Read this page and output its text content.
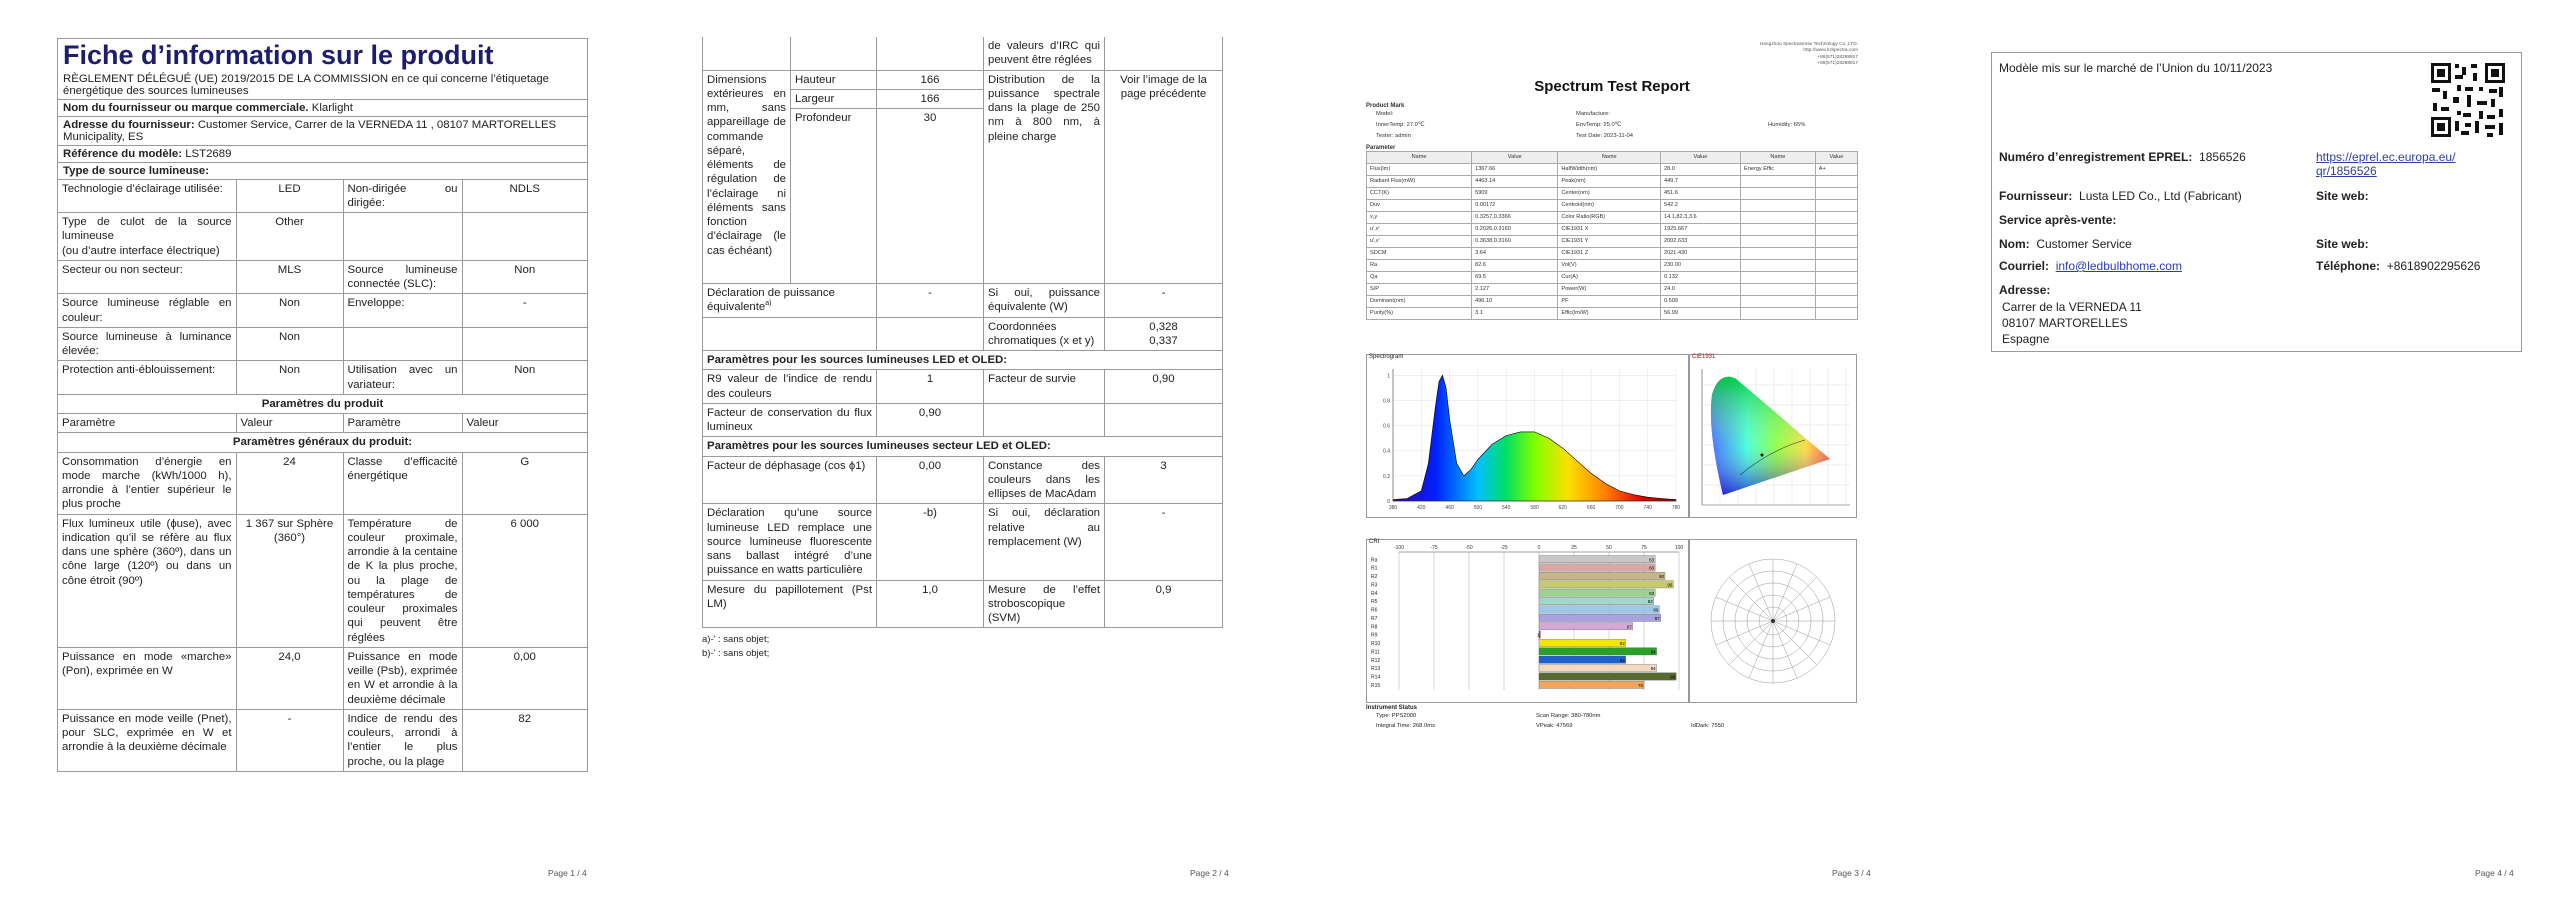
Fiche d’information sur le produit
RÈGLEMENT DÉLÉGUÉ (UE) 2019/2015 DE LA COMMISSION en ce qui concerne l’étiquetage énergétique des sources lumineuses
Nom du fournisseur ou marque commerciale. Klarlight
Adresse du fournisseur: Customer Service, Carrer de la VERNEDA 11 , 08107 MARTORELLES Municipality, ES
Référence du modèle: LST2689
Type de source lumineuse:
Technologie d’éclairage utilisée:	LED	Non-dirigée ou dirigée:	NDLS
Type de culot de la source lumineuse
(ou d’autre interface électrique)	Other		
Secteur ou non secteur:	MLS	Source lumineuse connectée (SLC):	Non
Source lumineuse réglable en couleur:	Non	Enveloppe:	-
Source lumineuse à luminance élevée:	Non		
Protection anti-éblouissement:	Non	Utilisation avec un variateur:	Non
Paramètres du produit			
Paramètre	Valeur	Paramètre	Valeur
Paramètres généraux du produit:			
Consommation d’énergie en mode marche (kWh/1000 h), arrondie à l’entier supérieur le plus proche	24	Classe d’efficacité énergétique	G
Flux lumineux utile (ɸuse), avec indication qu’il se réfère au flux dans une sphère (360º), dans un cône large (120º) ou dans un cône étroit (90º)	1 367 sur Sphère (360°)	Température de couleur proximale, arrondie à la centaine de K la plus proche, ou la plage de températures de couleur proximales qui peuvent être réglées	6 000
Puissance en mode «marche» (Pon), exprimée en W	24,0	Puissance en mode veille (Psb), exprimée en W et arrondie à la deuxième décimale	0,00
Puissance en mode veille (Pnet), pour SLC, exprimée en W et arrondie à la deuxième décimale	-	Indice de rendu des couleurs, arrondi à l’entier le plus proche, ou la plage	82
Page 1 / 4
			de valeurs d’IRC qui peuvent être réglées	
Dimensions extérieures en mm, sans appareillage de commande séparé, éléments de régulation de l’éclairage ni éléments sans fonction d’éclairage (le cas échéant)	Hauteur	166	Distribution de la puissance spectrale dans la plage de 250 nm à 800 nm, à pleine charge	Voir l’image de la page précédente
	Largeur	166		
	Profondeur	30		
Déclaration de puissance équivalente$^{a)}$	-	Si oui, puissance équivalente (W)	-
		Coordonnées chromatiques (x et y)	0,328
0,337

Paramètres pour les sources lumineuses LED et OLED:			
R9 valeur de l’indice de rendu des couleurs	1	Facteur de survie	0,90
Facteur de conservation du flux lumineux	0,90		
Paramètres pour les sources lumineuses secteur LED et OLED:			
Facteur de déphasage (cos ϕ1)	0,00	Constance des couleurs dans les ellipses de MacAdam	3
Déclaration qu’une source lumineuse LED remplace une source lumineuse fluorescente sans ballast intégré d’une puissance en watts particulière	-b)	Si oui, déclaration relative au remplacement (W)	-
Mesure du papillotement (Pst LM)	1,0	Mesure de l’effet stroboscopique (SVM)	0,9
a)-’ : sans objet;
b)-’ : sans objet;
Page 2 / 4	Page 3 / 4
Hangzhou Spectrasense Technology Co.,LTD.
http://www.hzspectra.com
+86(571)28288917
+86(571)28288917
Spectrum Test Report
Product Mark
Model:	Manufacture:
InnerTemp: 27.0℃	EnvTemp: 25.0℃	Humidity: 65%
Tester: admin	Test Date: 2023-11-04
Parameter
Name	Value	Name	Value	Name	Value
Flux(lm)	1367.66	HalfWidth(nm)	28.0	Energy Effic	A+
Radiant Flux(mW)	4463.14	Peak(nm)	449.7		
CCT(K)	5909	Center(nm)	451.6		
Duv	0.00172	Centroid(nm)	542.2		
x,y	0.3257,0.3366	Color Ratio(RGB)	14.1,82.3,3.6		
u',v'	0.2026,0.3160	CIE1931 X	1925.667		
u',v'	0.3638,0.3160	CIE1931 Y	2002.633		
SDCM	3.64	CIE1931 Z	2021.430		
Ra	82.6	Vol(V)	230.00		
Qa	69.5	Cur(A)	0.132		
S/P	2.127	Power(W)	24.0		
Dominant(nm)	496.10	PF	0.509		
Purity(%)	3.1	Effic(lm/W)	56.99		
Spectrogram
380	420	460	500	540	580	620	660	700	740	780
0
0.2
0.4
0.6
0.8
1
CIE1931
CRI
-100	-75	-50	-25	0	25	50	75	100
Ra	83
R1	83
R2	90
R3	96
R4	83
R5	82
R6	86
R7	87
R8	67
R9	1
R10	62
R11	84
R12	62
R13	84
R14	98
R15	75
Instrument Status
Type: PPS2000	Scan Range: 380-780nm
Integral Time: 268.0ms	VPeak: 47569	IdDark: 7550
Page 4 / 4
Modèle mis sur le marché de l’Union du 10/11/2023
Numéro d’enregistrement EPREL: 1856526	https://eprel.ec.europa.eu/qr/1856526
Fournisseur: Lusta LED Co., Ltd (Fabricant)	Site web:
Service après-vente:
Nom: Customer Service	Site web:
Courriel: info@ledbulbhome.com	Téléphone: +8618902295626
Adresse:
Carrer de la VERNEDA 11
08107 MARTORELLES
Espagne
